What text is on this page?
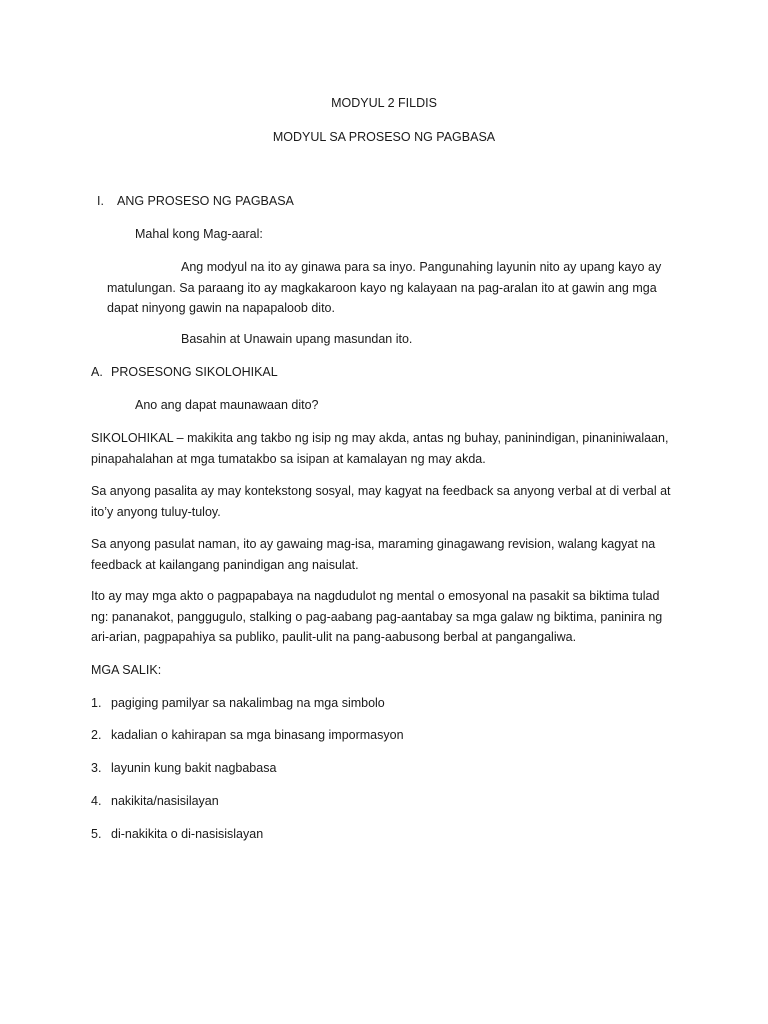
MODYUL 2 FILDIS
MODYUL SA PROSESO NG PAGBASA
I. ANG PROSESO NG PAGBASA
Mahal kong Mag-aaral:
Ang modyul na ito ay ginawa para sa inyo. Pangunahing layunin nito ay upang kayo ay matulungan. Sa paraang ito ay magkakaroon kayo ng kalayaan na pag-aralan ito at gawin ang mga dapat ninyong gawin na napapaloob dito.
Basahin at Unawain upang masundan ito.
A. PROSESONG SIKOLOHIKAL
Ano ang dapat maunawaan dito?
SIKOLOHIKAL – makikita ang takbo ng isip ng may akda, antas ng buhay, paninindigan, pinaniniwalaan, pinapahalahan at mga tumatakbo sa isipan at kamalayan ng may akda.
Sa anyong pasalita ay may kontekstong sosyal, may kagyat na feedback sa anyong verbal at di verbal at ito’y anyong tuluy-tuloy.
Sa anyong pasulat naman, ito ay gawaing mag-isa, maraming ginagawang revision, walang kagyat na feedback at kailangang panindigan ang naisulat.
Ito ay may mga akto o pagpapabaya na nagdudulot ng mental o emosyonal na pasakit sa biktima tulad ng: pananakot, panggugulo, stalking o pag-aabang pag-aantabay sa mga galaw ng biktima, paninira ng ari-arian, pagpapahiya sa publiko, paulit-ulit na pang-aabusong berbal at pangangaliwa.
MGA SALIK:
1. pagiging pamilyar sa nakalimbag na mga simbolo
2. kadalian o kahirapan sa mga binasang impormasyon
3. layunin kung bakit nagbabasa
4. nakikita/nasisilayan
5. di-nakikita o di-nasisislayan
